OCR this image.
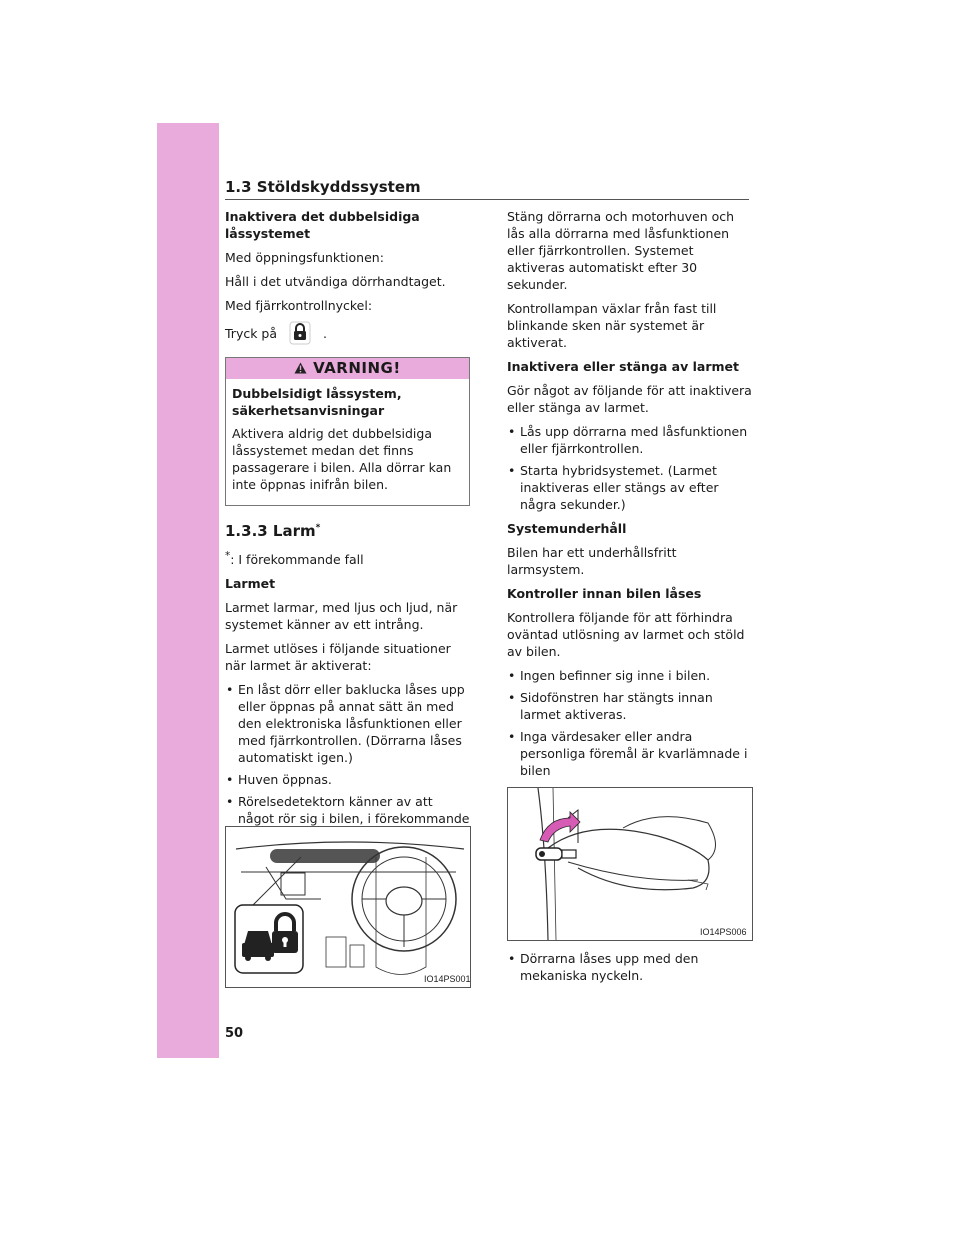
1.3 Stöldskyddssystem

Inaktivera det dubbelsidiga låssystemet

Med öppningsfunktionen:

Håll i det utvändiga dörrhandtaget.

Med fjärrkontrollnyckel:

Tryck på	.
VARNING!

Dubbelsidigt låssystem, säkerhetsanvisningar

Aktivera aldrig det dubbelsidiga låssystemet medan det finns passagerare i bilen. Alla dörrar kan inte öppnas inifrån bilen.

1.3.3 Larm*

*: I förekommande fall

Larmet

Larmet larmar, med ljus och ljud, när systemet känner av ett intrång.

Larmet utlöses i följande situationer när larmet är aktiverat:

• En låst dörr eller baklucka låses upp eller öppnas på annat sätt än med den elektroniska låsfunktionen eller med fjärrkontrollen. (Dörrarna låses automatiskt igen.)
• Huven öppnas.
• Rörelsedetektorn känner av att något rör sig i bilen, i förekommande

IO14PS001

Stäng dörrarna och motorhuven och lås alla dörrarna med låsfunktionen eller fjärrkontrollen. Systemet aktiveras automatiskt efter 30 sekunder.

Kontrollampan växlar från fast till blinkande sken när systemet är aktiverat.

Inaktivera eller stänga av larmet

Gör något av följande för att inaktivera eller stänga av larmet.

• Lås upp dörrarna med låsfunktionen eller fjärrkontrollen.
• Starta hybridsystemet. (Larmet inaktiveras eller stängs av efter några sekunder.)

Systemunderhåll

Bilen har ett underhållsfritt larmsystem.

Kontroller innan bilen låses

Kontrollera följande för att förhindra oväntad utlösning av larmet och stöld av bilen.

• Ingen befinner sig inne i bilen.
• Sidofönstren har stängts innan larmet aktiveras.
• Inga värdesaker eller andra personliga föremål är kvarlämnade i bilen

IO14PS006
• Dörrarna låses upp med den mekaniska nyckeln.
50
